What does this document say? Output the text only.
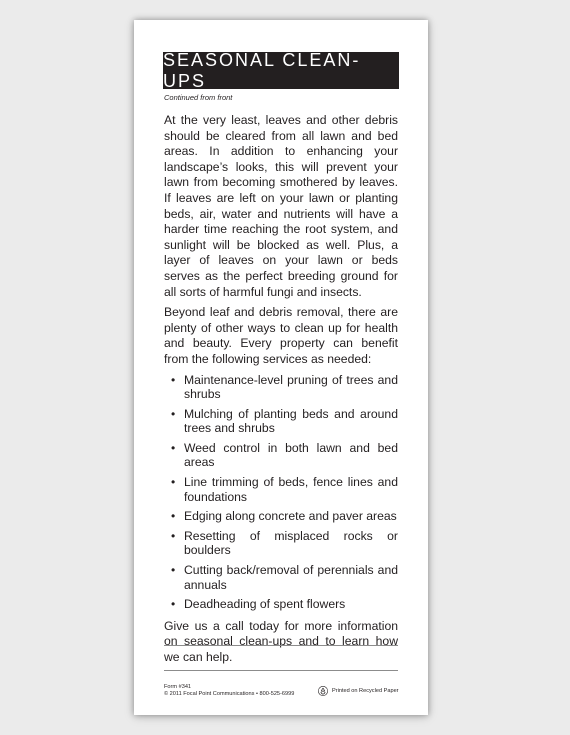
SEASONAL CLEAN-UPS
Continued from front

At the very least, leaves and other debris should be cleared from all lawn and bed areas. In addition to enhancing your landscape’s looks, this will prevent your lawn from becoming smothered by leaves. If leaves are left on your lawn or planting beds, air, water and nutrients will have a harder time reaching the root system, and sunlight will be blocked as well. Plus, a layer of leaves on your lawn or beds serves as the perfect breeding ground for all sorts of harmful fungi and insects.

Beyond leaf and debris removal, there are plenty of other ways to clean up for health and beauty. Every property can benefit from the following services as needed:

• Maintenance-level pruning of trees and shrubs
• Mulching of planting beds and around trees and shrubs
• Weed control in both lawn and bed areas
• Line trimming of beds, fence lines and foundations
• Edging along concrete and paver areas
• Resetting of misplaced rocks or boulders
• Cutting back/removal of perennials and annuals
• Deadheading of spent flowers

Give us a call today for more information on seasonal clean-ups and to learn how we can help.

Form #341
© 2011 Focal Point Communications • 800-525-6999	Printed on Recycled Paper
